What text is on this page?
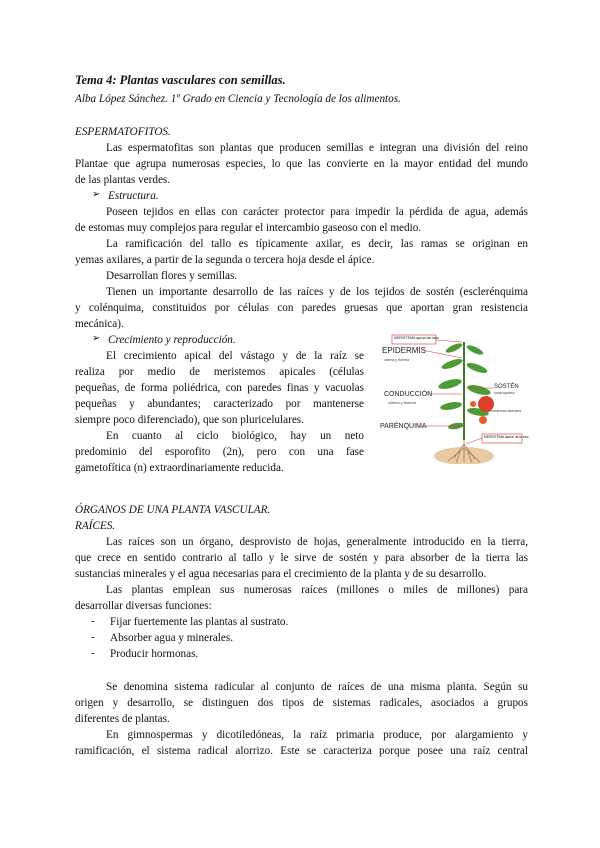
Tema 4: Plantas vasculares con semillas.
Alba López Sánchez. 1º Grado en Ciencia y Tecnología de los alimentos.
ESPERMATOFITOS.
Las espermatofitas son plantas que producen semillas e integran una división del reino
Plantae que agrupa numerosas especies, lo que las convierte en la mayor entidad del mundo
de las plantas verdes.
➢ Estructura.
Poseen tejidos en ellas con carácter protector para impedir la pérdida de agua, además
de estomas muy complejos para regular el intercambio gaseoso con el medio.
La ramificación del tallo es típicamente axilar, es decir, las ramas se originan en
yemas axilares, a partir de la segunda o tercera hoja desde el ápice.
Desarrollan flores y semillas.
Tienen un importante desarrollo de las raíces y de los tejidos de sostén (esclerénquima
y colénquima, constituidos por células con paredes gruesas que aportan gran resistencia
mecánica).
➢ Crecimiento y reproducción.
El crecimiento apical del vástago y de la raíz se
realiza por medio de meristemos apicales (células
pequeñas, de forma poliédrica, con paredes finas y vacuolas
pequeñas y abundantes; caracterizado por mantenerse
siempre poco diferenciado), que son pluricelulares.
En cuanto al ciclo biológico, hay un neto
predominio del esporofito (2n), pero con una fase
gametofítica (n) extraordinariamente reducida.
MERISTEMA apical del tallo
EPIDERMIS
xilema y floema
CONDUCCIÓN
xilema y floema
PARÉNQUIMA
SOSTÉN
colénquima
meristemas laterales
MERISTEMA apical de la raíz
ÓRGANOS DE UNA PLANTA VASCULAR.
RAÍCES.
Las raíces son un órgano, desprovisto de hojas, generalmente introducido en la tierra,
que crece en sentido contrario al tallo y le sirve de sostén y para absorber de la tierra las
sustancias minerales y el agua necesarias para el crecimiento de la planta y de su desarrollo.
Las plantas emplean sus numerosas raíces (millones o miles de millones) para
desarrollar diversas funciones:
- Fijar fuertemente las plantas al sustrato.
- Absorber agua y minerales.
- Producir hormonas.
Se denomina sistema radicular al conjunto de raíces de una misma planta. Según su
origen y desarrollo, se distinguen dos tipos de sistemas radicales, asociados a grupos
diferentes de plantas.
En gimnospermas y dicotiledóneas, la raíz primaria produce, por alargamiento y
ramificación, el sistema radical alorrizo. Este se caracteriza porque posee una raíz central
